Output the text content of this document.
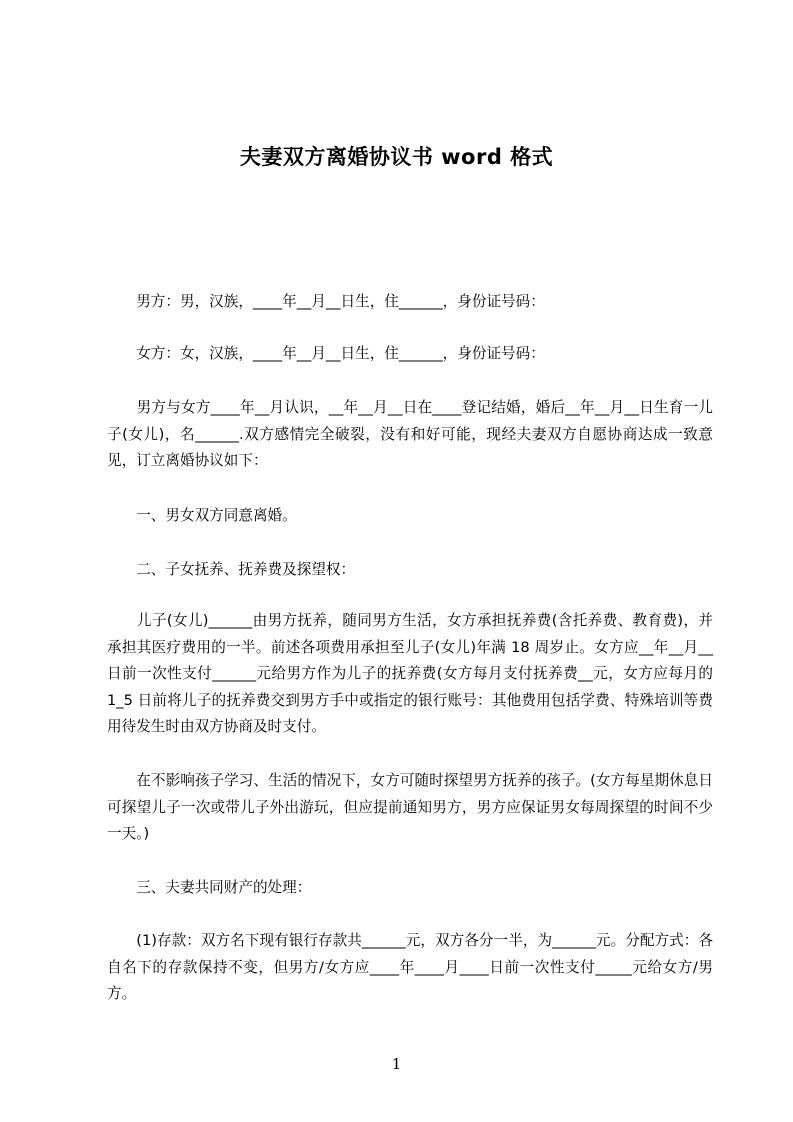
夫妻双方离婚协议书 word 格式
　　男方：男，汉族，____年__月__日生，住______，身份证号码：
　　女方：女，汉族，____年__月__日生，住______，身份证号码：
　　男方与女方____年__月认识，__年__月__日在____登记结婚，婚后__年__月__日生育一儿子(女儿)，名______.双方感情完全破裂，没有和好可能，现经夫妻双方自愿协商达成一致意见，订立离婚协议如下：
　　一、男女双方同意离婚。
　　二、子女抚养、抚养费及探望权：
　　儿子(女儿)______由男方抚养，随同男方生活，女方承担抚养费(含托养费、教育费)，并承担其医疗费用的一半。前述各项费用承担至儿子(女儿)年满 18 周岁止。女方应__年__月__日前一次性支付______元给男方作为儿子的抚养费(女方每月支付抚养费__元，女方应每月的 1_5 日前将儿子的抚养费交到男方手中或指定的银行账号：其他费用包括学费、特殊培训等费用待发生时由双方协商及时支付。
　　在不影响孩子学习、生活的情况下，女方可随时探望男方抚养的孩子。(女方每星期休息日可探望儿子一次或带儿子外出游玩，但应提前通知男方，男方应保证男女每周探望的时间不少一天。)
　　三、夫妻共同财产的处理：
　　(1)存款：双方名下现有银行存款共______元，双方各分一半，为______元。分配方式：各自名下的存款保持不变，但男方/女方应____年____月____日前一次性支付_____元给女方/男方。
1
